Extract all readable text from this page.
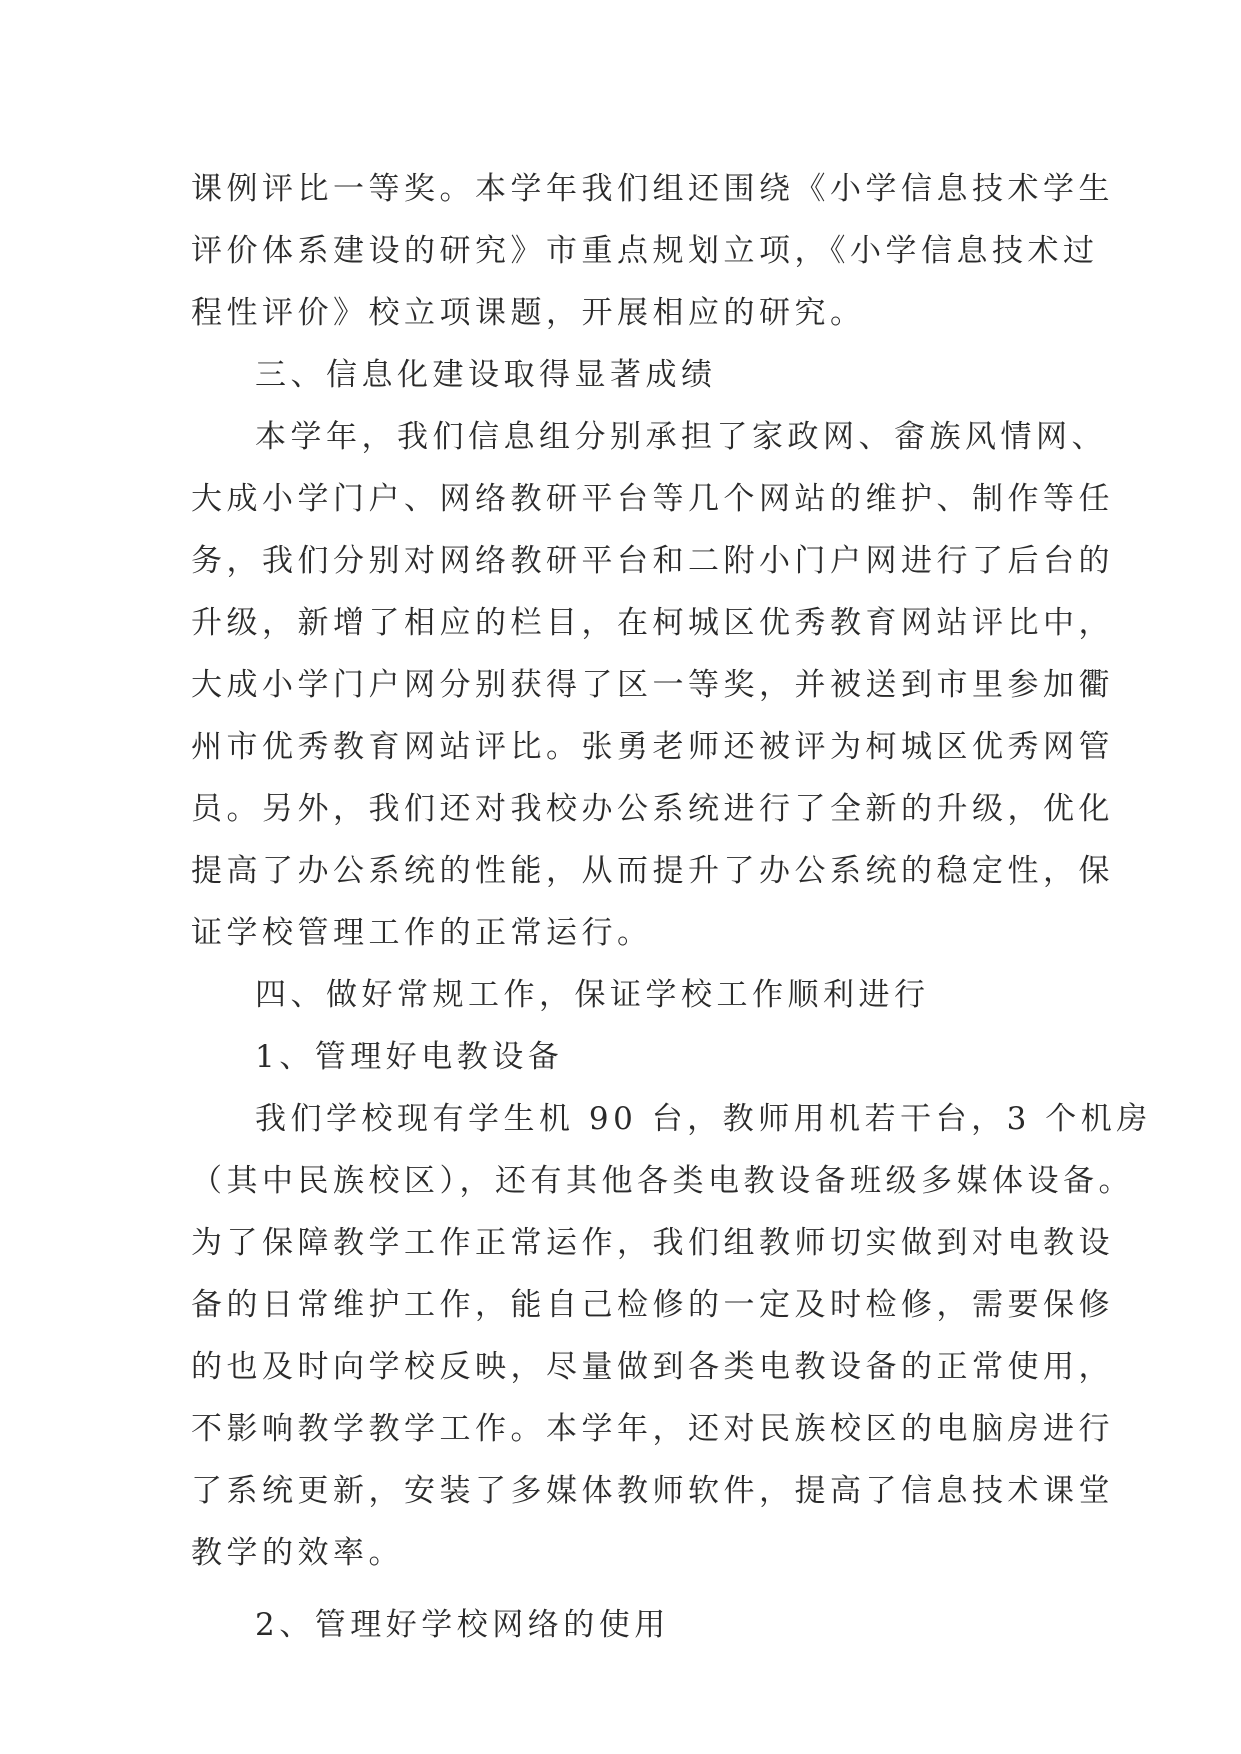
课例评比一等奖。本学年我们组还围绕《小学信息技术学生
评价体系建设的研究》市重点规划立项，《小学信息技术过
程性评价》校立项课题，开展相应的研究。
三、信息化建设取得显著成绩
本学年，我们信息组分别承担了家政网、畲族风情网、
大成小学门户、网络教研平台等几个网站的维护、制作等任
务，我们分别对网络教研平台和二附小门户网进行了后台的
升级，新增了相应的栏目，在柯城区优秀教育网站评比中，
大成小学门户网分别获得了区一等奖，并被送到市里参加衢
州市优秀教育网站评比。张勇老师还被评为柯城区优秀网管
员。另外，我们还对我校办公系统进行了全新的升级，优化
提高了办公系统的性能，从而提升了办公系统的稳定性，保
证学校管理工作的正常运行。
四、做好常规工作，保证学校工作顺利进行
1、管理好电教设备
我们学校现有学生机 90 台，教师用机若干台，3 个机房
（其中民族校区），还有其他各类电教设备班级多媒体设备。
为了保障教学工作正常运作，我们组教师切实做到对电教设
备的日常维护工作，能自己检修的一定及时检修，需要保修
的也及时向学校反映，尽量做到各类电教设备的正常使用，
不影响教学教学工作。本学年，还对民族校区的电脑房进行
了系统更新，安装了多媒体教师软件，提高了信息技术课堂
教学的效率。
2、管理好学校网络的使用
